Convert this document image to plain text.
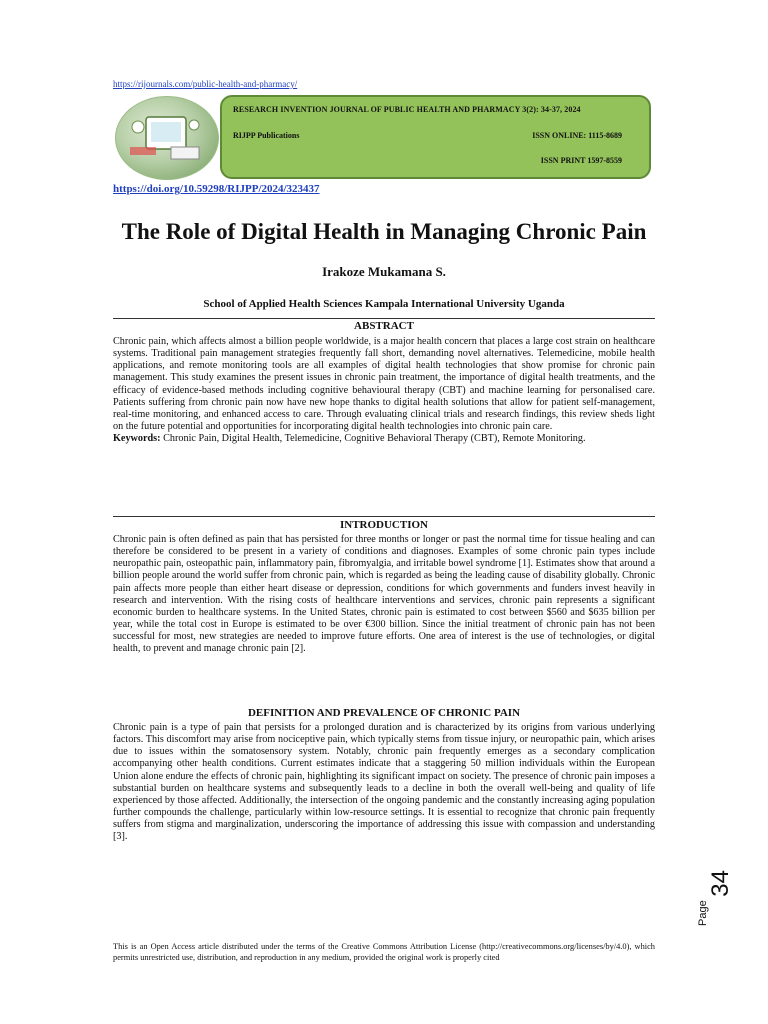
https://rijournals.com/public-health-and-pharmacy/
RESEARCH INVENTION JOURNAL OF PUBLIC HEALTH AND PHARMACY 3(2): 34-37, 2024
RIJPP Publications	ISSN ONLINE: 1115-8689
ISSN PRINT 1597-8559
https://doi.org/10.59298/RIJPP/2024/323437
The Role of Digital Health in Managing Chronic Pain
Irakoze Mukamana S.
School of Applied Health Sciences Kampala International University Uganda
ABSTRACT

Chronic pain, which affects almost a billion people worldwide, is a major health concern that places a large cost strain on healthcare systems. Traditional pain management strategies frequently fall short, demanding novel alternatives. Telemedicine, mobile health applications, and remote monitoring tools are all examples of digital health technologies that show promise for chronic pain management. This study examines the present issues in chronic pain treatment, the importance of digital health treatments, and the efficacy of evidence-based methods including cognitive behavioural therapy (CBT) and machine learning for personalised care. Patients suffering from chronic pain now have new hope thanks to digital health solutions that allow for patient self-management, real-time monitoring, and enhanced access to care. Through evaluating clinical trials and research findings, this review sheds light on the future potential and opportunities for incorporating digital health technologies into chronic pain care.
Keywords: Chronic Pain, Digital Health, Telemedicine, Cognitive Behavioral Therapy (CBT), Remote Monitoring.

INTRODUCTION

Chronic pain is often defined as pain that has persisted for three months or longer or past the normal time for tissue healing and can therefore be considered to be present in a variety of conditions and diagnoses. Examples of some chronic pain types include neuropathic pain, osteopathic pain, inflammatory pain, fibromyalgia, and irritable bowel syndrome [1]. Estimates show that around a billion people around the world suffer from chronic pain, which is regarded as being the leading cause of disability globally. Chronic pain affects more people than either heart disease or depression, conditions for which governments and funders invest heavily in research and intervention. With the rising costs of healthcare interventions and services, chronic pain represents a significant economic burden to healthcare systems. In the United States, chronic pain is estimated to cost between $560 and $635 billion per year, while the total cost in Europe is estimated to be over €300 billion. Since the initial treatment of chronic pain has not been successful for most, new strategies are needed to improve future efforts. One area of interest is the use of technologies, or digital health, to prevent and manage chronic pain [2].

DEFINITION AND PREVALENCE OF CHRONIC PAIN

Chronic pain is a type of pain that persists for a prolonged duration and is characterized by its origins from various underlying factors. This discomfort may arise from nociceptive pain, which typically stems from tissue injury, or neuropathic pain, which arises due to issues within the somatosensory system. Notably, chronic pain frequently emerges as a secondary complication accompanying other health conditions. Current estimates indicate that a staggering 50 million individuals within the European Union alone endure the effects of chronic pain, highlighting its significant impact on society. The presence of chronic pain imposes a substantial burden on healthcare systems and subsequently leads to a decline in both the overall well-being and quality of life experienced by those affected. Additionally, the intersection of the ongoing pandemic and the constantly increasing aging population further compounds the challenge, particularly within low-resource settings. It is essential to recognize that chronic pain frequently suffers from stigma and marginalization, underscoring the importance of addressing this issue with compassion and understanding [3].

Page
34

This is an Open Access article distributed under the terms of the Creative Commons Attribution License (http://creativecommons.org/licenses/by/4.0), which permits unrestricted use, distribution, and reproduction in any medium, provided the original work is properly cited
